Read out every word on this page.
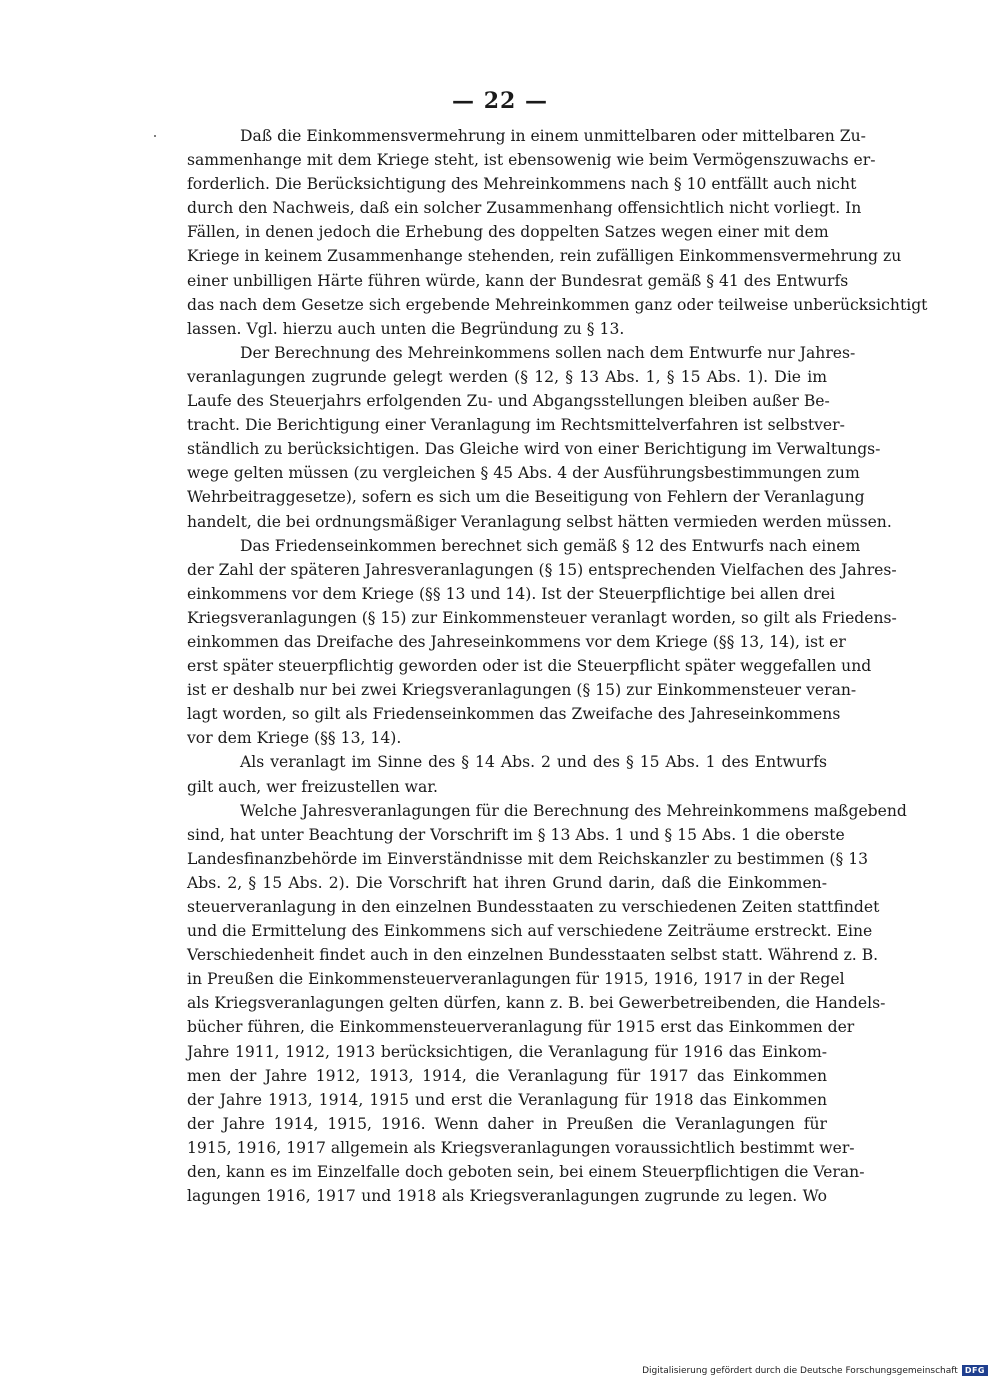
— 22 —
Daß die Einkommensvermehrung in einem unmittelbaren oder mittelbaren Zu-
sammenhange mit dem Kriege steht, ist ebensowenig wie beim Vermögenszuwachs er-
forderlich. Die Berücksichtigung des Mehreinkommens nach § 10 entfällt auch nicht
durch den Nachweis, daß ein solcher Zusammenhang offensichtlich nicht vorliegt. In
Fällen, in denen jedoch die Erhebung des doppelten Satzes wegen einer mit dem
Kriege in keinem Zusammenhange stehenden, rein zufälligen Einkommensvermehrung zu
einer unbilligen Härte führen würde, kann der Bundesrat gemäß § 41 des Entwurfs
das nach dem Gesetze sich ergebende Mehreinkommen ganz oder teilweise unberücksichtigt
lassen. Vgl. hierzu auch unten die Begründung zu § 13.
Der Berechnung des Mehreinkommens sollen nach dem Entwurfe nur Jahres-
veranlagungen zugrunde gelegt werden (§ 12, § 13 Abs. 1, § 15 Abs. 1). Die im
Laufe des Steuerjahrs erfolgenden Zu- und Abgangsstellungen bleiben außer Be-
tracht. Die Berichtigung einer Veranlagung im Rechtsmittelverfahren ist selbstver-
ständlich zu berücksichtigen. Das Gleiche wird von einer Berichtigung im Verwaltungs-
wege gelten müssen (zu vergleichen § 45 Abs. 4 der Ausführungsbestimmungen zum
Wehrbeitraggesetze), sofern es sich um die Beseitigung von Fehlern der Veranlagung
handelt, die bei ordnungsmäßiger Veranlagung selbst hätten vermieden werden müssen.
Das Friedenseinkommen berechnet sich gemäß § 12 des Entwurfs nach einem
der Zahl der späteren Jahresveranlagungen (§ 15) entsprechenden Vielfachen des Jahres-
einkommens vor dem Kriege (§§ 13 und 14). Ist der Steuerpflichtige bei allen drei
Kriegsveranlagungen (§ 15) zur Einkommensteuer veranlagt worden, so gilt als Friedens-
einkommen das Dreifache des Jahreseinkommens vor dem Kriege (§§ 13, 14), ist er
erst später steuerpflichtig geworden oder ist die Steuerpflicht später weggefallen und
ist er deshalb nur bei zwei Kriegsveranlagungen (§ 15) zur Einkommensteuer veran-
lagt worden, so gilt als Friedenseinkommen das Zweifache des Jahreseinkommens
vor dem Kriege (§§ 13, 14).
Als veranlagt im Sinne des § 14 Abs. 2 und des § 15 Abs. 1 des Entwurfs
gilt auch, wer freizustellen war.
Welche Jahresveranlagungen für die Berechnung des Mehreinkommens maßgebend
sind, hat unter Beachtung der Vorschrift im § 13 Abs. 1 und § 15 Abs. 1 die oberste
Landesfinanzbehörde im Einverständnisse mit dem Reichskanzler zu bestimmen (§ 13
Abs. 2, § 15 Abs. 2). Die Vorschrift hat ihren Grund darin, daß die Einkommen-
steuerveranlagung in den einzelnen Bundesstaaten zu verschiedenen Zeiten stattfindet
und die Ermittelung des Einkommens sich auf verschiedene Zeiträume erstreckt. Eine
Verschiedenheit findet auch in den einzelnen Bundesstaaten selbst statt. Während z. B.
in Preußen die Einkommensteuerveranlagungen für 1915, 1916, 1917 in der Regel
als Kriegsveranlagungen gelten dürfen, kann z. B. bei Gewerbetreibenden, die Handels-
bücher führen, die Einkommensteuerveranlagung für 1915 erst das Einkommen der
Jahre 1911, 1912, 1913 berücksichtigen, die Veranlagung für 1916 das Einkom-
men der Jahre 1912, 1913, 1914, die Veranlagung für 1917 das Einkommen
der Jahre 1913, 1914, 1915 und erst die Veranlagung für 1918 das Einkommen
der Jahre 1914, 1915, 1916. Wenn daher in Preußen die Veranlagungen für
1915, 1916, 1917 allgemein als Kriegsveranlagungen voraussichtlich bestimmt wer-
den, kann es im Einzelfalle doch geboten sein, bei einem Steuerpflichtigen die Veran-
lagungen 1916, 1917 und 1918 als Kriegsveranlagungen zugrunde zu legen. Wo
Digitalisierung gefördert durch die Deutsche Forschungsgemeinschaft DFG
